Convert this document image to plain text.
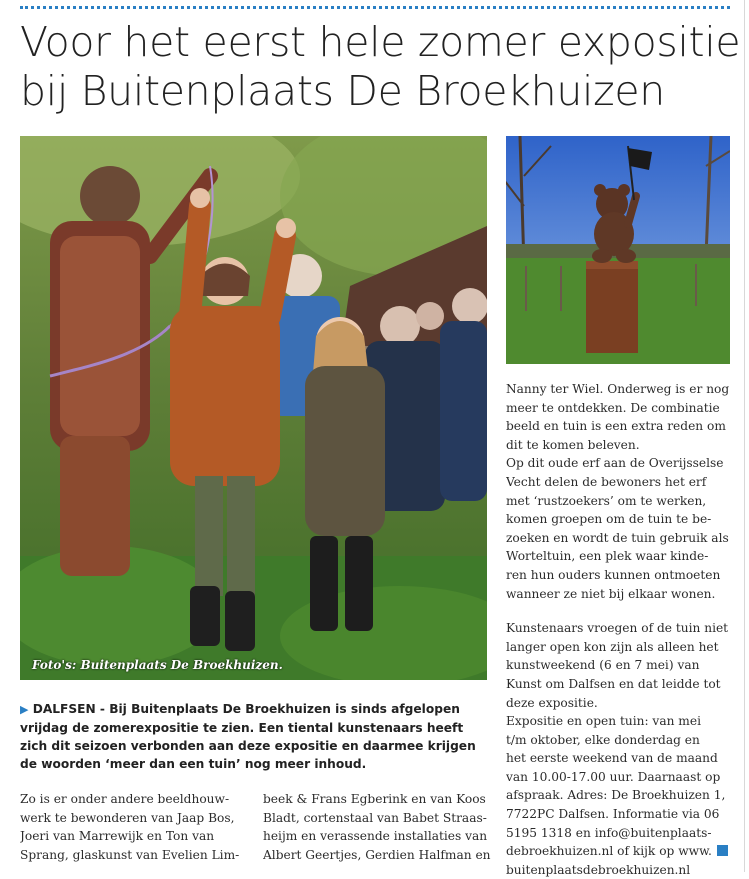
Voor het eerst hele zomer expositie
bij Buitenplaats De Broekhuizen
Foto's: Buitenplaats De Broekhuizen.
▶ DALFSEN - Bij Buitenplaats De Broekhuizen is sinds afgelopen
vrijdag de zomerexpositie te zien. Een tiental kunstenaars heeft
zich dit seizoen verbonden aan deze expositie en daarmee krijgen
de woorden ‘meer dan een tuin’ nog meer inhoud.
Zo is er onder andere beeldhouw-
werk te bewonderen van Jaap Bos,
Joeri van Marrewijk en Ton van
Sprang, glaskunst van Evelien Lim-
beek & Frans Egberink en van Koos
Bladt, cortenstaal van Babet Straas-
heijm en verassende installaties van
Albert Geertjes, Gerdien Halfman en
Nanny ter Wiel. Onderweg is er nog
meer te ontdekken. De combinatie
beeld en tuin is een extra reden om
dit te komen beleven.
Op dit oude erf aan de Overijsselse
Vecht delen de bewoners het erf
met ‘rustzoekers’ om te werken,
komen groepen om de tuin te be-
zoeken en wordt de tuin gebruik als
Worteltuin, een plek waar kinde-
ren hun ouders kunnen ontmoeten
wanneer ze niet bij elkaar wonen.
Kunstenaars vroegen of de tuin niet
langer open kon zijn als alleen het
kunstweekend (6 en 7 mei) van
Kunst om Dalfsen en dat leidde tot
deze expositie.
Expositie en open tuin: van mei
t/m oktober, elke donderdag en
het eerste weekend van de maand
van 10.00-17.00 uur. Daarnaast op
afspraak. Adres: De Broekhuizen 1,
7722PC Dalfsen. Informatie via 06
5195 1318 en info@buitenplaats-
debroekhuizen.nl of kijk op www.
buitenplaatsdebroekhuizen.nl
